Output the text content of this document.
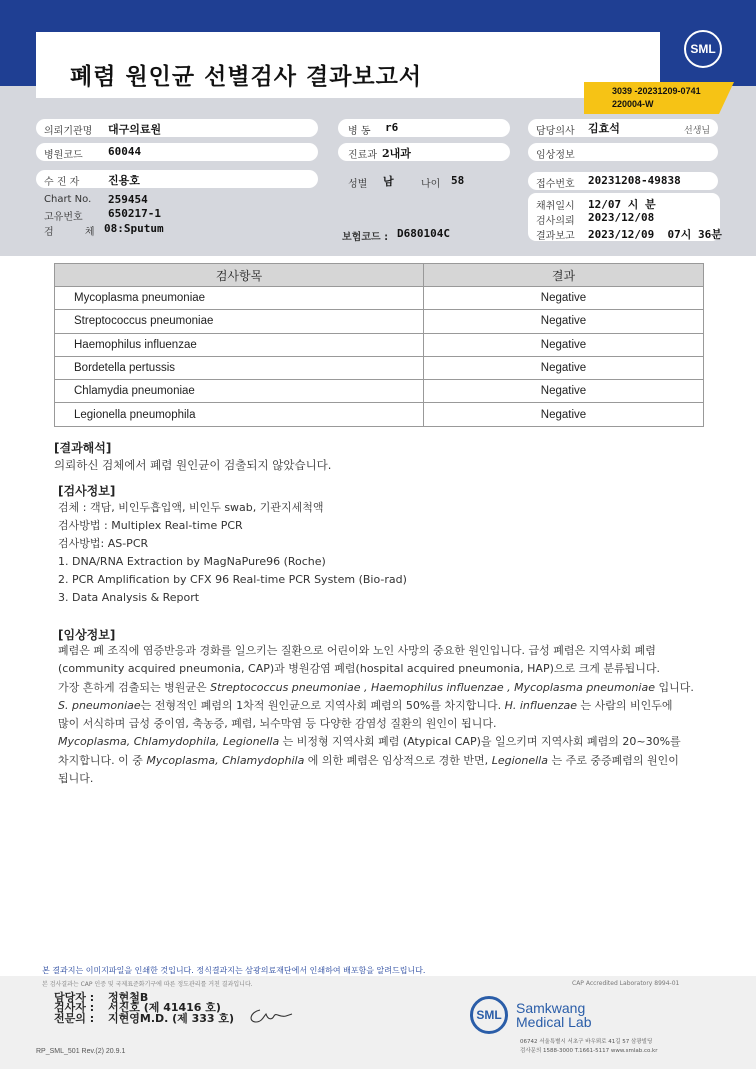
폐렴 원인균 선별검사 결과보고서
SML
3039 -20231209-0741
220004-W
의뢰기관명 대구의료원
병원코드 60044
수 진 자	진용호
Chart No. 259454
고유번호 650217-1
검 체
08:Sputum
병 동 r6
진료과 2내과
성별 남	나이 58
보험코드 : D680104C
담당의사 김효석	선생님
임상정보
접수번호 20231208-49838
채취일시 12/07 시 분
검사의뢰 2023/12/08
결과보고 2023/12/09  07시 36분
검사항목	결과
Mycoplasma pneumoniae	Negative
Streptococcus pneumoniae	Negative
Haemophilus influenzae	Negative
Bordetella pertussis	Negative
Chlamydia pneumoniae	Negative
Legionella pneumophila	Negative
[결과해석]
의뢰하신 검체에서 폐렴 원인균이 검출되지 않았습니다.
[검사정보]
검체 : 객담, 비인두흡입액, 비인두 swab, 기관지세척액
검사방법 : Multiplex Real-time PCR
검사방법: AS-PCR
1. DNA/RNA Extraction by MagNaPure96 (Roche)
2. PCR Amplification by CFX 96 Real-time PCR System (Bio-rad)
3. Data Analysis & Report
[임상정보]
폐렴은 폐 조직에 염증반응과 경화를 일으키는 질환으로 어린이와 노인 사망의 중요한 원인입니다. 급성 폐렴은 지역사회 폐렴
(community acquired pneumonia, CAP)과 병원감염 폐렴(hospital acquired pneumonia, HAP)으로 크게 분류됩니다.
가장 흔하게 검출되는 병원균은 Streptococcus pneumoniae , Haemophilus influenzae , Mycoplasma pneumoniae 입니다.
S. pneumoniae는 전형적인 폐렴의 1차적 원인균으로 지역사회 폐렴의 50%를 차지합니다. H. influenzae 는 사람의 비인두에
많이 서식하며 급성 중이염, 축농증, 폐렴, 뇌수막염 등 다양한 감염성 질환의 원인이 됩니다.
Mycoplasma, Chlamydophila, Legionella 는 비정형 지역사회 폐렴 (Atypical CAP)을 일으키며 지역사회 폐렴의 20~30%를
차지합니다. 이 중 Mycoplasma, Chlamydophila 에 의한 폐렴은 임상적으로 경한 반면, Legionella 는 주로 중증폐렴의 원인이
됩니다.
본 결과지는 이미지파일을 인쇄한 것입니다. 정식결과지는 삼광의료재단에서 인쇄하여 배포함을 알려드립니다.
본 검사결과는 CAP 인증 및 국제표준화기구에 따른 정도관리를 거친 결과입니다.	CAP Accredited Laboratory 8994-01
담당자 : 정현철B
검사자 : 서진호 (제 41416 호)
전문의 : 지현영M.D. (제 333 호)	SML	Samkwang
Medical Lab
06742 서울특별시 서초구 바우뫼로 41길 57 삼광빌딩
검사문의 1588-3000 T.1661-5117 www.smlab.co.kr
RP_SML_501 Rev.(2) 20.9.1
